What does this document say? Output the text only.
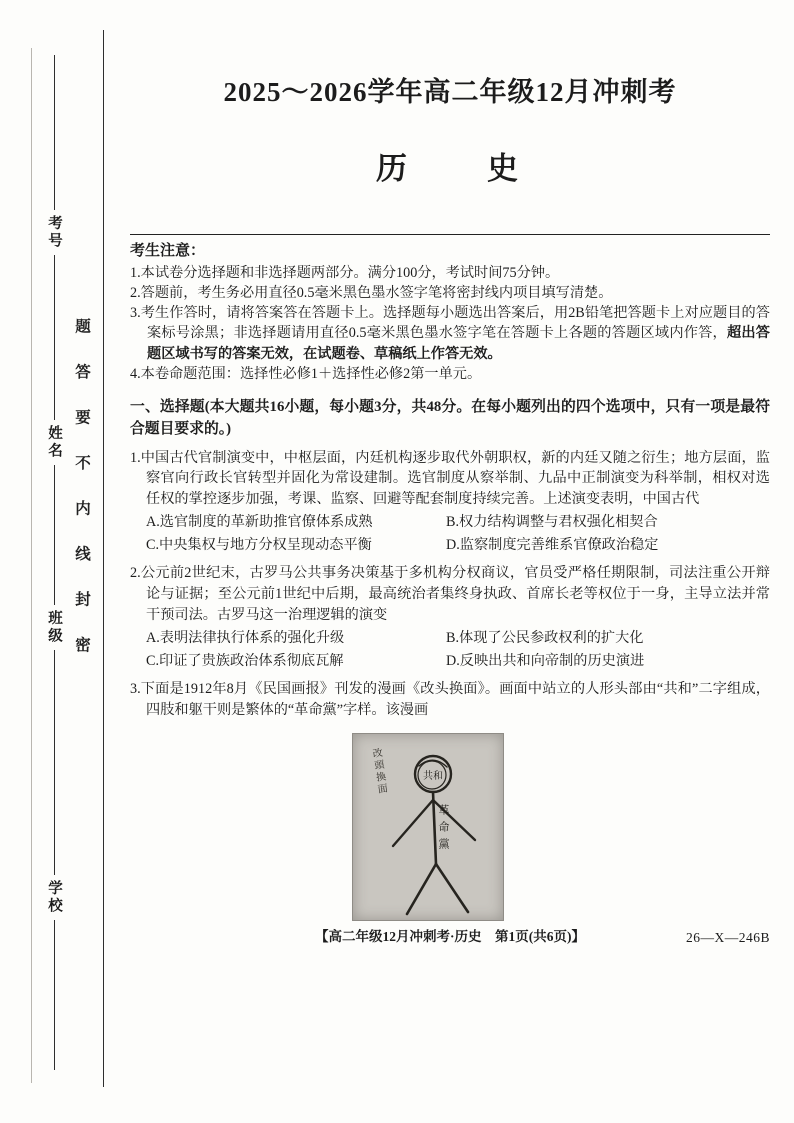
考号
姓名
班级
学校
题答要不内线封密
2025～2026学年高二年级12月冲刺考
历　　史

考生注意：

1.本试卷分选择题和非选择题两部分。满分100分，考试时间75分钟。

2.答题前，考生务必用直径0.5毫米黑色墨水签字笔将密封线内项目填写清楚。

3.考生作答时，请将答案答在答题卡上。选择题每小题选出答案后，用2B铅笔把答题卡上对应题目的答案标号涂黑；非选择题请用直径0.5毫米黑色墨水签字笔在答题卡上各题的答题区域内作答，超出答题区域书写的答案无效，在试题卷、草稿纸上作答无效。

4.本卷命题范围：选择性必修1＋选择性必修2第一单元。

一、选择题(本大题共16小题，每小题3分，共48分。在每小题列出的四个选项中，只有一项是最符合题目要求的。)

1.中国古代官制演变中，中枢层面，内廷机构逐步取代外朝职权，新的内廷又随之衍生；地方层面，监察官向行政长官转型并固化为常设建制。选官制度从察举制、九品中正制演变为科举制，相权对选任权的掌控逐步加强，考课、监察、回避等配套制度持续完善。上述演变表明，中国古代

A.选官制度的革新助推官僚体系成熟	B.权力结构调整与君权强化相契合
C.中央集权与地方分权呈现动态平衡	D.监察制度完善维系官僚政治稳定

2.公元前2世纪末，古罗马公共事务决策基于多机构分权商议，官员受严格任期限制，司法注重公开辩论与证据；至公元前1世纪中后期，最高统治者集终身执政、首席长老等权位于一身，主导立法并常干预司法。古罗马这一治理逻辑的演变

A.表明法律执行体系的强化升级	B.体现了公民参政权利的扩大化
C.印证了贵族政治体系彻底瓦解	D.反映出共和向帝制的历史演进

3.下面是1912年8月《民国画报》刊发的漫画《改头换面》。画面中站立的人形头部由“共和”二字组成，四肢和躯干则是繁体的“革命黨”字样。该漫画

共和
革命黨
改頭換面
【高二年级12月冲刺考·历史　第1页(共6页)】	26—X—246B
